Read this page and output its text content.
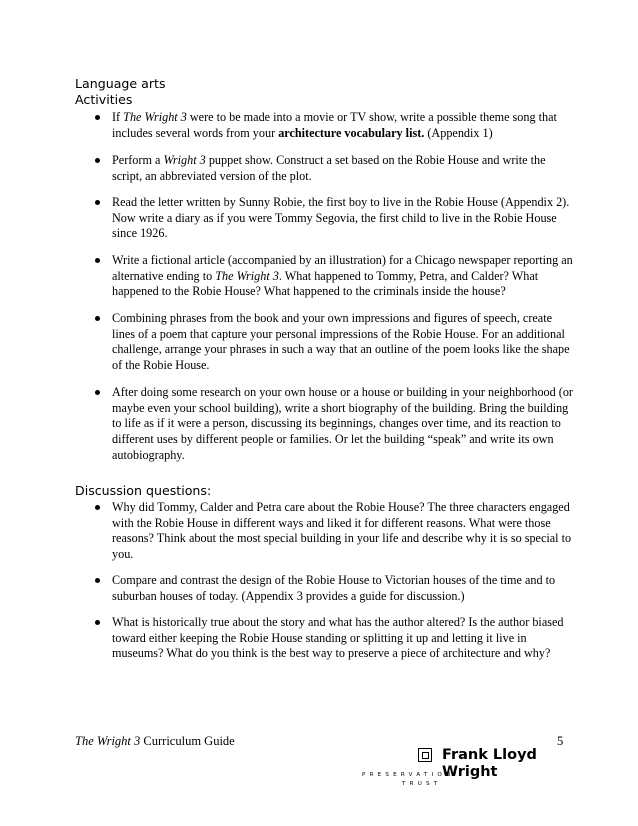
Language arts
Activities
If The Wright 3 were to be made into a movie or TV show, write a possible theme song that includes several words from your architecture vocabulary list. (Appendix 1)
Perform a Wright 3 puppet show. Construct a set based on the Robie House and write the script, an abbreviated version of the plot.
Read the letter written by Sunny Robie, the first boy to live in the Robie House (Appendix 2). Now write a diary as if you were Tommy Segovia, the first child to live in the Robie House since 1926.
Write a fictional article (accompanied by an illustration) for a Chicago newspaper reporting an alternative ending to The Wright 3. What happened to Tommy, Petra, and Calder? What happened to the Robie House? What happened to the criminals inside the house?
Combining phrases from the book and your own impressions and figures of speech, create lines of a poem that capture your personal impressions of the Robie House. For an additional challenge, arrange your phrases in such a way that an outline of the poem looks like the shape of the Robie House.
After doing some research on your own house or a house or building in your neighborhood (or maybe even your school building), write a short biography of the building. Bring the building to life as if it were a person, discussing its beginnings, changes over time, and its reaction to different uses by different people or families. Or let the building “speak” and write its own autobiography.
Discussion questions:
Why did Tommy, Calder and Petra care about the Robie House? The three characters engaged with the Robie House in different ways and liked it for different reasons. What were those reasons? Think about the most special building in your life and describe why it is so special to you.
Compare and contrast the design of the Robie House to Victorian houses of the time and to suburban houses of today. (Appendix 3 provides a guide for discussion.)
What is historically true about the story and what has the author altered? Is the author biased toward either keeping the Robie House standing or splitting it up and letting it live in museums? What do you think is the best way to preserve a piece of architecture and why?
The Wright 3 Curriculum Guide	5
Frank Lloyd
Wright
PRESERVATION
TRUST
